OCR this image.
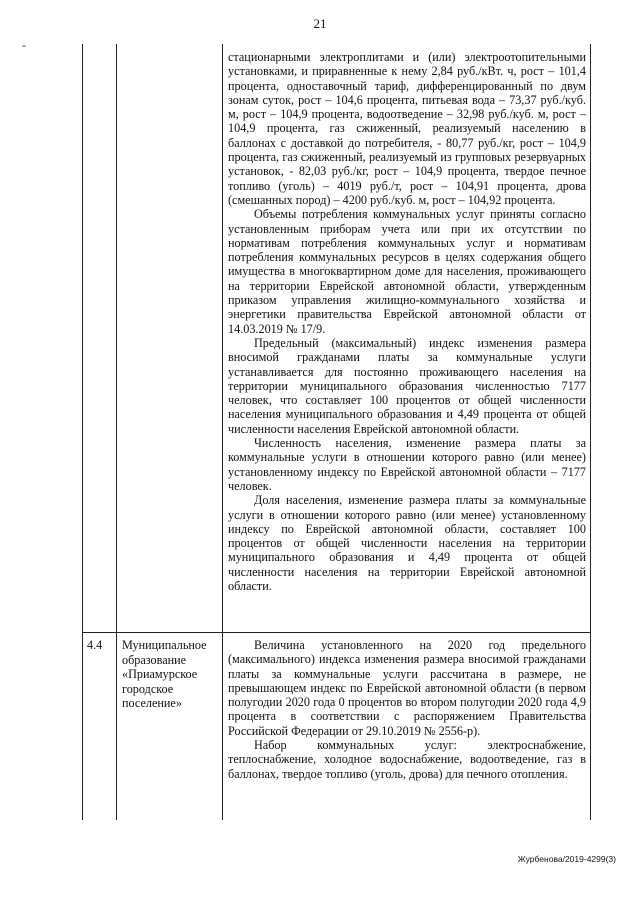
21
-

стационарными электроплитами и (или) электроотопительными установками, и приравненные к нему 2,84 руб./кВт. ч, рост – 101,4 процента, одноставочный тариф, дифференцированный по двум зонам суток, рост – 104,6 процента, питьевая вода – 73,37 руб./куб. м, рост – 104,9 процента, водоотведение – 32,98 руб./куб. м, рост – 104,9 процента, газ сжиженный, реализуемый населению в баллонах с доставкой до потребителя, - 80,77 руб./кг, рост – 104,9 процента, газ сжиженный, реализуемый из групповых резервуарных установок, - 82,03 руб./кг, рост – 104,9 процента, твердое печное топливо (уголь) – 4019 руб./т, рост – 104,91 процента, дрова (смешанных пород) – 4200 руб./куб. м, рост – 104,92 процента.

Объемы потребления коммунальных услуг приняты согласно установленным приборам учета или при их отсутствии по нормативам потребления коммунальных услуг и нормативам потребления коммунальных ресурсов в целях содержания общего имущества в многоквартирном доме для населения, проживающего на территории Еврейской автономной области, утвержденным приказом управления жилищно-коммунального хозяйства и энергетики правительства Еврейской автономной области от 14.03.2019 № 17/9.

Предельный (максимальный) индекс изменения размера вносимой гражданами платы за коммунальные услуги устанавливается для постоянно проживающего населения на территории муниципального образования численностью 7177 человек, что составляет 100 процентов от общей численности населения муниципального образования и 4,49 процента от общей численности населения Еврейской автономной области.

Численность населения, изменение размера платы за коммунальные услуги в отношении которого равно (или менее) установленному индексу по Еврейской автономной области – 7177 человек.

Доля населения, изменение размера платы за коммунальные услуги в отношении которого равно (или менее) установленному индексу по Еврейской автономной области, составляет 100 процентов от общей численности населения на территории муниципального образования и 4,49 процента от общей численности населения на территории Еврейской автономной области.

4.4	Муниципальное образование «Приамурское городское поселение»

Величина установленного на 2020 год предельного (максимального) индекса изменения размера вносимой гражданами платы за коммунальные услуги рассчитана в размере, не превышающем индекс по Еврейской автономной области (в первом полугодии 2020 года 0 процентов во втором полугодии 2020 года 4,9 процента в соответствии с распоряжением Правительства Российской Федерации от 29.10.2019 № 2556-р).

Набор коммунальных услуг: электроснабжение, теплоснабжение, холодное водоснабжение, водоотведение, газ в баллонах, твердое топливо (уголь, дрова) для печного отопления.

Журбенова/2019-4299(3)
